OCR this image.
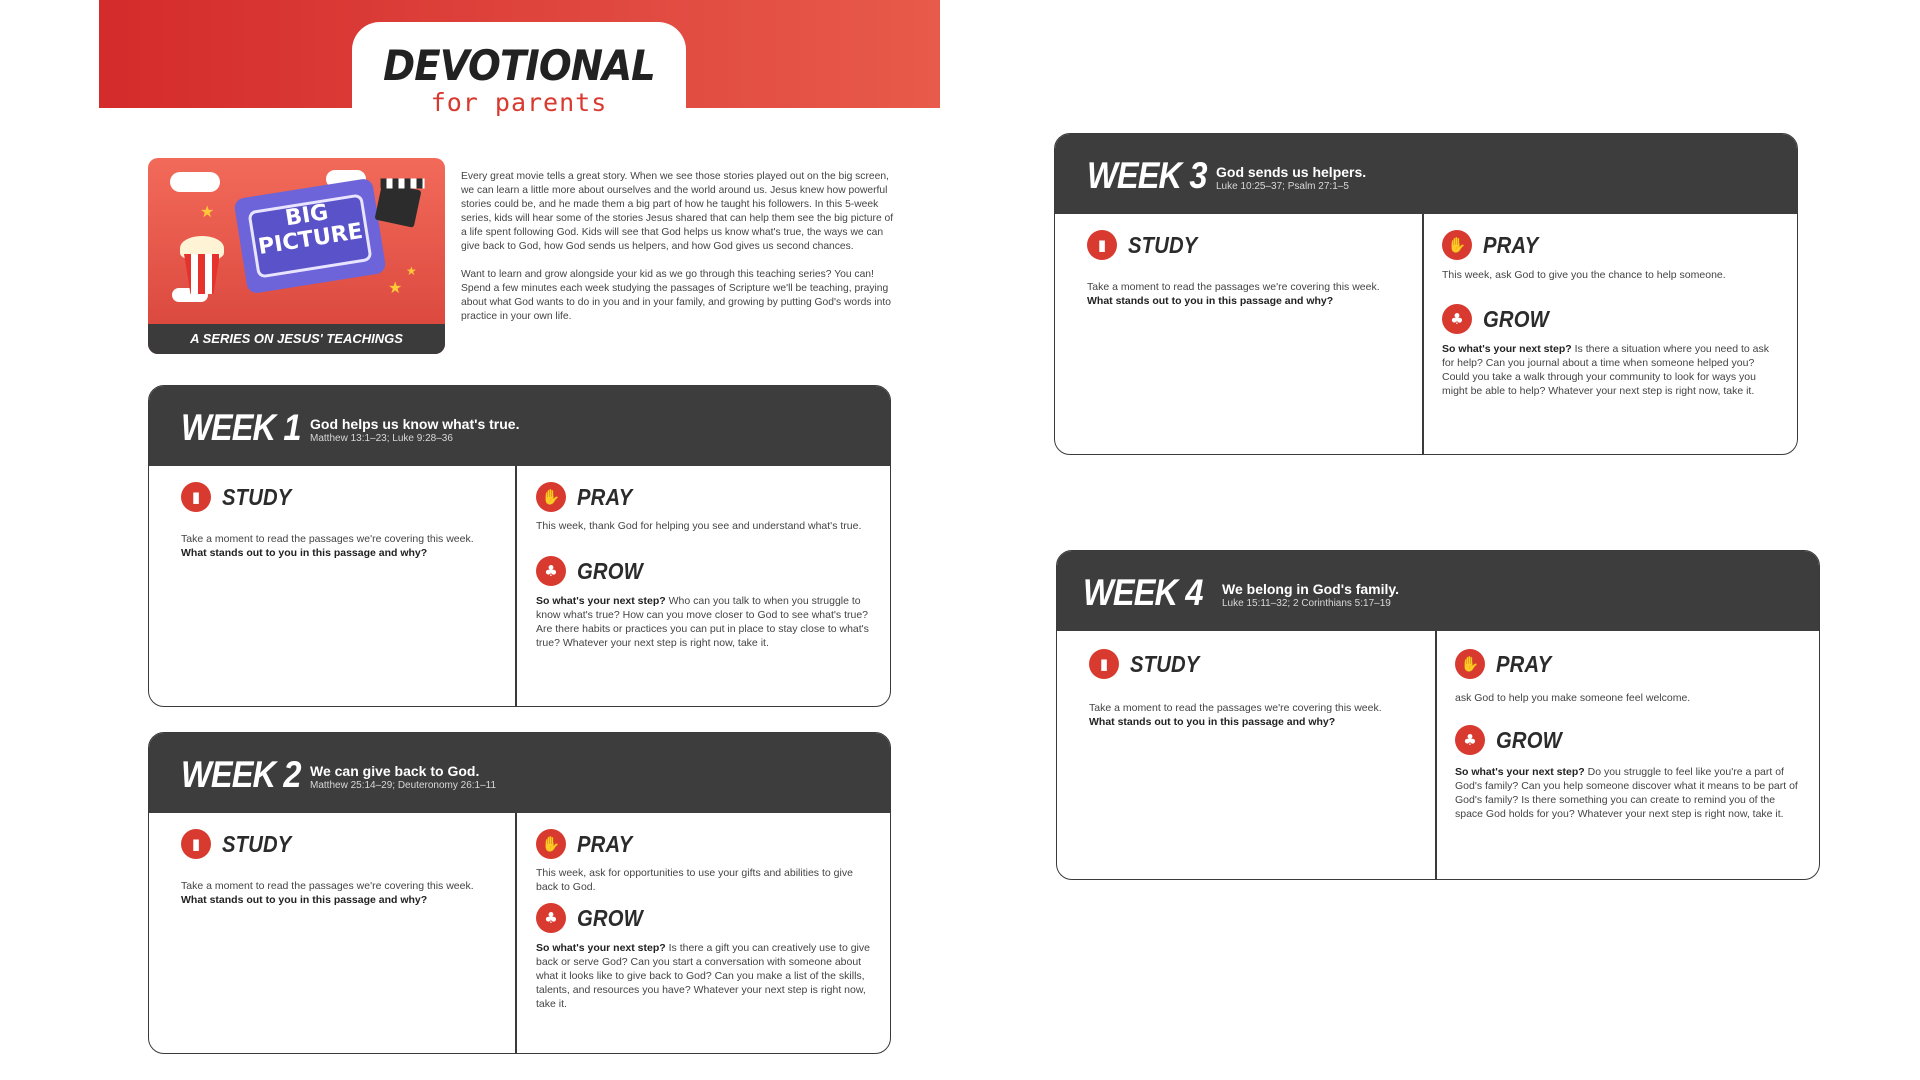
DEVOTIONAL
for parents
★
★
★
BIG PICTURE
A SERIES ON JESUS' TEACHINGS

Every great movie tells a great story. When we see those stories played out on the big screen, we can learn a little more about ourselves and the world around us. Jesus knew how powerful stories could be, and he made them a big part of how he taught his followers. In this 5-week series, kids will hear some of the stories Jesus shared that can help them see the big picture of a life spent following God. Kids will see that God helps us know what's true, the ways we can give back to God, how God sends us helpers, and how God gives us second chances.

Want to learn and grow alongside your kid as we go through this teaching series? You can! Spend a few minutes each week studying the passages of Scripture we'll be teaching, praying about what God wants to do in you and in your family, and growing by putting God's words into practice in your own life.

WEEK 1 God helps us know what's true.
Matthew 13:1–23; Luke 9:28–36
▮ STUDY
Take a moment to read the passages we're covering this week.
What stands out to you in this passage and why?
✋ PRAY
This week, thank God for helping you see and understand what's true.
♣ GROW
So what's your next step? Who can you talk to when you struggle to know what's true? How can you move closer to God to see what's true? Are there habits or practices you can put in place to stay close to what's true? Whatever your next step is right now, take it.
WEEK 2 We can give back to God.
Matthew 25:14–29; Deuteronomy 26:1–11
▮ STUDY
Take a moment to read the passages we're covering this week.
What stands out to you in this passage and why?
✋ PRAY
This week, ask for opportunities to use your gifts and abilities to give back to God.
♣ GROW
So what's your next step? Is there a gift you can creatively use to give back or serve God? Can you start a conversation with someone about what it looks like to give back to God? Can you make a list of the skills, talents, and resources you have? Whatever your next step is right now, take it.
WEEK 3 God sends us helpers.
Luke 10:25–37; Psalm 27:1–5
▮ STUDY
Take a moment to read the passages we're covering this week.
What stands out to you in this passage and why?
✋ PRAY
This week, ask God to give you the chance to help someone.
♣ GROW
So what's your next step? Is there a situation where you need to ask for help? Can you journal about a time when someone helped you? Could you take a walk through your community to look for ways you might be able to help? Whatever your next step is right now, take it.
WEEK 4 We belong in God's family.
Luke 15:11–32; 2 Corinthians 5:17–19
▮ STUDY
Take a moment to read the passages we're covering this week.
What stands out to you in this passage and why?
✋ PRAY
ask God to help you make someone feel welcome.
♣ GROW
So what's your next step? Do you struggle to feel like you're a part of God's family? Can you help someone discover what it means to be part of God's family? Is there something you can create to remind you of the space God holds for you? Whatever your next step is right now, take it.
